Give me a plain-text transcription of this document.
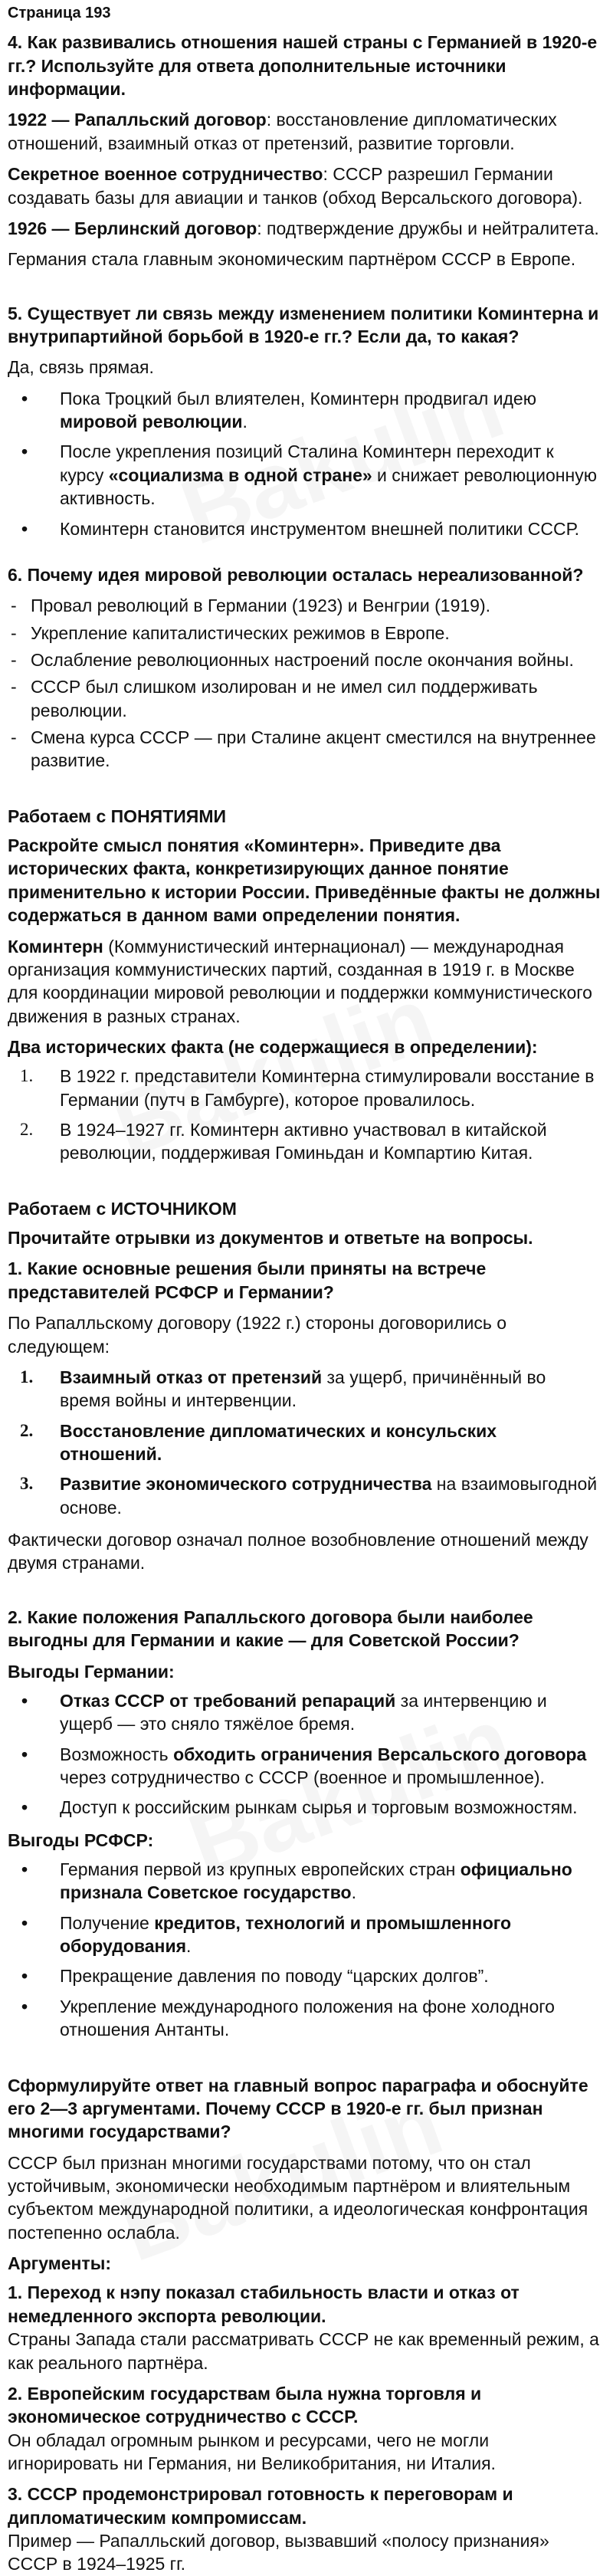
Страница 193
4. Как развивались отношения нашей страны с Германией в 1920-е гг.? Используйте для ответа дополнительные источники информации.

1922 — Рапалльский договор: восстановление дипломатических отношений, взаимный отказ от претензий, развитие торговли.

Секретное военное сотрудничество: СССР разрешил Германии создавать базы для авиации и танков (обход Версальского договора).

1926 — Берлинский договор: подтверждение дружбы и нейтралитета.

Германия стала главным экономическим партнёром СССР в Европе.

5. Существует ли связь между изменением политики Коминтерна и внутрипартийной борьбой в 1920-е гг.? Если да, то какая?

Да, связь прямая.

• Пока Троцкий был влиятелен, Коминтерн продвигал идею мировой революции.
• После укрепления позиций Сталина Коминтерн переходит к курсу «социализма в одной стране» и снижает революционную активность.
• Коминтерн становится инструментом внешней политики СССР.
6. Почему идея мировой революции осталась нереализованной?
- Провал революций в Германии (1923) и Венгрии (1919).
- Укрепление капиталистических режимов в Европе.
- Ослабление революционных настроений после окончания войны.
- СССР был слишком изолирован и не имел сил поддерживать революции.
- Смена курса СССР — при Сталине акцент сместился на внутреннее развитие.
Работаем с ПОНЯТИЯМИ
Раскройте смысл понятия «Коминтерн». Приведите два исторических факта, конкретизирующих данное понятие применительно к истории России. Приведённые факты не должны содержаться в данном вами определении понятия.

Коминтерн (Коммунистический интернационал) — международная организация коммунистических партий, созданная в 1919 г. в Москве для координации мировой революции и поддержки коммунистического движения в разных странах.

Два исторических факта (не содержащиеся в определении):
1. В 1922 г. представители Коминтерна стимулировали восстание в Германии (путч в Гамбурге), которое провалилось.
2. В 1924–1927 гг. Коминтерн активно участвовал в китайской революции, поддерживая Гоминьдан и Компартию Китая.
Работаем с ИСТОЧНИКОМ
Прочитайте отрывки из документов и ответьте на вопросы.
1. Какие основные решения были приняты на встрече представителей РСФСР и Германии?

По Рапалльскому договору (1922 г.) стороны договорились о следующем:

1. Взаимный отказ от претензий за ущерб, причинённый во время войны и интервенции.
2. Восстановление дипломатических и консульских отношений.
3. Развитие экономического сотрудничества на взаимовыгодной основе.

Фактически договор означал полное возобновление отношений между двумя странами.

2. Какие положения Рапалльского договора были наиболее выгодны для Германии и какие — для Советской России?
Выгоды Германии:
• Отказ СССР от требований репараций за интервенцию и ущерб — это сняло тяжёлое бремя.
• Возможность обходить ограничения Версальского договора через сотрудничество с СССР (военное и промышленное).
• Доступ к российским рынкам сырья и торговым возможностям.
Выгоды РСФСР:
• Германия первой из крупных европейских стран официально признала Советское государство.
• Получение кредитов, технологий и промышленного оборудования.
• Прекращение давления по поводу “царских долгов”.
• Укрепление международного положения на фоне холодного отношения Антанты.
Сформулируйте ответ на главный вопрос параграфа и обоснуйте его 2—3 аргументами. Почему СССР в 1920-е гг. был признан многими государствами?

СССР был признан многими государствами потому, что он стал устойчивым, экономически необходимым партнёром и влиятельным субъектом международной политики, а идеологическая конфронтация постепенно ослабла.

Аргументы:
1. Переход к нэпу показал стабильность власти и отказ от немедленного экспорта революции.

Страны Запада стали рассматривать СССР не как временный режим, а как реального партнёра.

2. Европейским государствам была нужна торговля и экономическое сотрудничество с СССР.

Он обладал огромным рынком и ресурсами, чего не могли игнорировать ни Германия, ни Великобритания, ни Италия.

3. СССР продемонстрировал готовность к переговорам и дипломатическим компромиссам.

Пример — Рапалльский договор, вызвавший «полосу признания» СССР в 1924–1925 гг.
